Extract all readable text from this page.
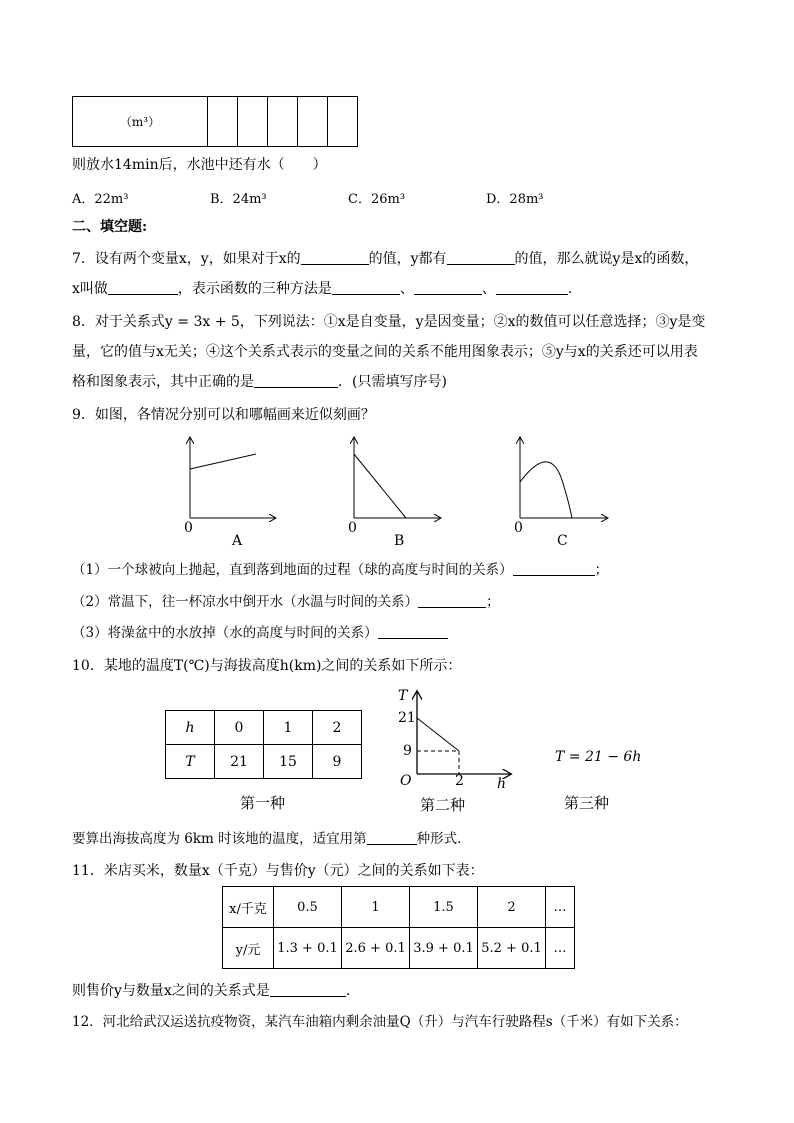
（m³）					
则放水14min后，水池中还有水（　　）
A．22m³	B．24m³	C．26m³	D．28m³
二、填空题:
7．设有两个变量x，y，如果对于x的	的值，y都有	的值，那么就说y是x的函数，
x叫做	，表示函数的三种方法是	、	、	.
8．对于关系式y = 3x + 5，下列说法：①x是自变量，y是因变量；②x的数值可以任意选择；③y是变
量，它的值与x无关；④这个关系式表示的变量之间的关系不能用图象表示；⑤y与x的关系还可以用表
格和图象表示，其中正确的是	．(只需填写序号)
9．如图，各情况分别可以和哪幅画来近似刻画？
0
A
0
B
0
C
（1）一个球被向上抛起，直到落到地面的过程（球的高度与时间的关系）	；
（2）常温下，往一杯凉水中倒开水（水温与时间的关系）	；
（3）将澡盆中的水放掉（水的高度与时间的关系）
10．某地的温度T(℃)与海拔高度h(km)之间的关系如下所示：
h	0	1	2
T	21	15	9
第一种
T
21
9
O	2 h
第二种
T = 21 − 6h
第三种
要算出海拔高度为 6km 时该地的温度，适宜用第	种形式．
11．米店买米，数量x（千克）与售价y（元）之间的关系如下表：
x/千克	0.5	1	1.5	2	…
y/元	1.3 + 0.1	2.6 + 0.1	3.9 + 0.1	5.2 + 0.1	…
则售价y与数量x之间的关系式是	.
12．河北给武汉运送抗疫物资，某汽车油箱内剩余油量Q（升）与汽车行驶路程s（千米）有如下关系：
